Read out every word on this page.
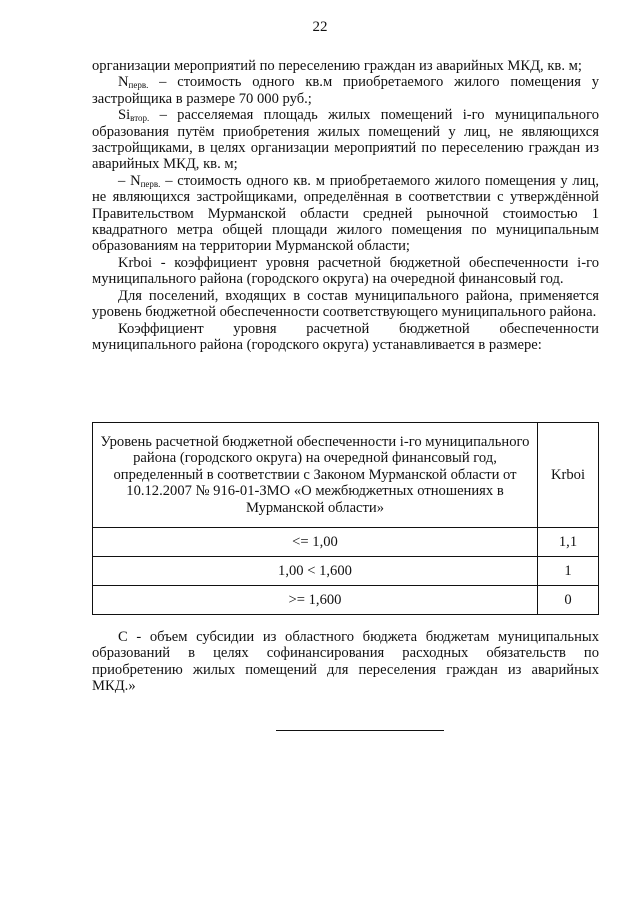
22

организации мероприятий по переселению граждан из аварийных МКД, кв. м;

$N_{перв.}$ – стоимость одного кв.м приобретаемого жилого помещения у застройщика в размере 70 000 руб.;

$Si_{втор.}$ – расселяемая площадь жилых помещений i-го муниципального образования путём приобретения жилых помещений у лиц, не являющихся застройщиками, в целях организации мероприятий по переселению граждан из аварийных МКД, кв. м;

– $N_{перв.}$ – стоимость одного кв. м приобретаемого жилого помещения у лиц, не являющихся застройщиками, определённая в соответствии с утверждённой Правительством Мурманской области средней рыночной стоимостью 1 квадратного метра общей площади жилого помещения по муниципальным образованиям на территории Мурманской области;

Krboi - коэффициент уровня расчетной бюджетной обеспеченности i-го муниципального района (городского округа) на очередной финансовый год.

Для поселений, входящих в состав муниципального района, применяется уровень бюджетной обеспеченности соответствующего муниципального района.

Коэффициент уровня расчетной бюджетной обеспеченности

муниципального района (городского округа) устанавливается в размере:

Уровень расчетной бюджетной обеспеченности i-го муниципального района (городского округа) на очередной финансовый год, определенный в соответствии с Законом Мурманской области от 10.12.2007 № 916-01-ЗМО «О межбюджетных отношениях в Мурманской области»	Krboi
<= 1,00	1,1
1,00 < 1,600	1
>= 1,600	0

С - объем субсидии из областного бюджета бюджетам муниципальных образований в целях софинансирования расходных обязательств по приобретению жилых помещений для переселения граждан из аварийных МКД.»
